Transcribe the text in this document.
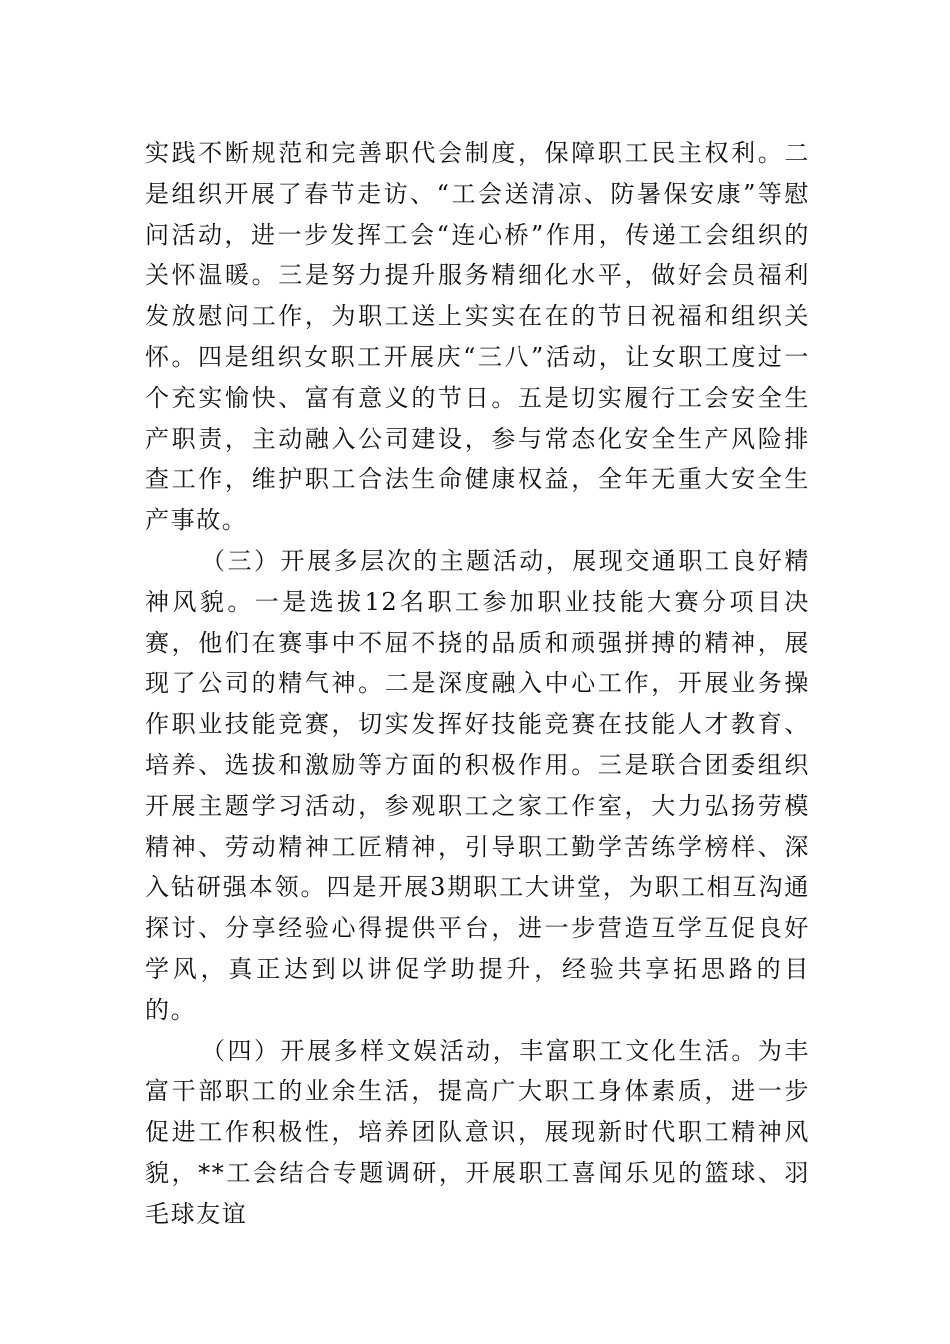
实践不断规范和完善职代会制度，保障职工民主权利。二是组织开展了春节走访、“工会送清凉、防暑保安康”等慰问活动，进一步发挥工会“连心桥”作用，传递工会组织的关怀温暖。三是努力提升服务精细化水平，做好会员福利发放慰问工作，为职工送上实实在在的节日祝福和组织关怀。四是组织女职工开展庆“三八”活动，让女职工度过一个充实愉快、富有意义的节日。五是切实履行工会安全生产职责，主动融入公司建设，参与常态化安全生产风险排查工作，维护职工合法生命健康权益，全年无重大安全生产事故。

（三）开展多层次的主题活动，展现交通职工良好精神风貌。一是选拔12名职工参加职业技能大赛分项目决赛，他们在赛事中不屈不挠的品质和顽强拼搏的精神，展现了公司的精气神。二是深度融入中心工作，开展业务操作职业技能竞赛，切实发挥好技能竞赛在技能人才教育、培养、选拔和激励等方面的积极作用。三是联合团委组织开展主题学习活动，参观职工之家工作室，大力弘扬劳模精神、劳动精神工匠精神，引导职工勤学苦练学榜样、深入钻研强本领。四是开展3期职工大讲堂，为职工相互沟通探讨、分享经验心得提供平台，进一步营造互学互促良好学风，真正达到以讲促学助提升，经验共享拓思路的目的。

（四）开展多样文娱活动，丰富职工文化生活。为丰富干部职工的业余生活，提高广大职工身体素质，进一步促进工作积极性，培养团队意识，展现新时代职工精神风貌，**工会结合专题调研，开展职工喜闻乐见的篮球、羽毛球友谊
